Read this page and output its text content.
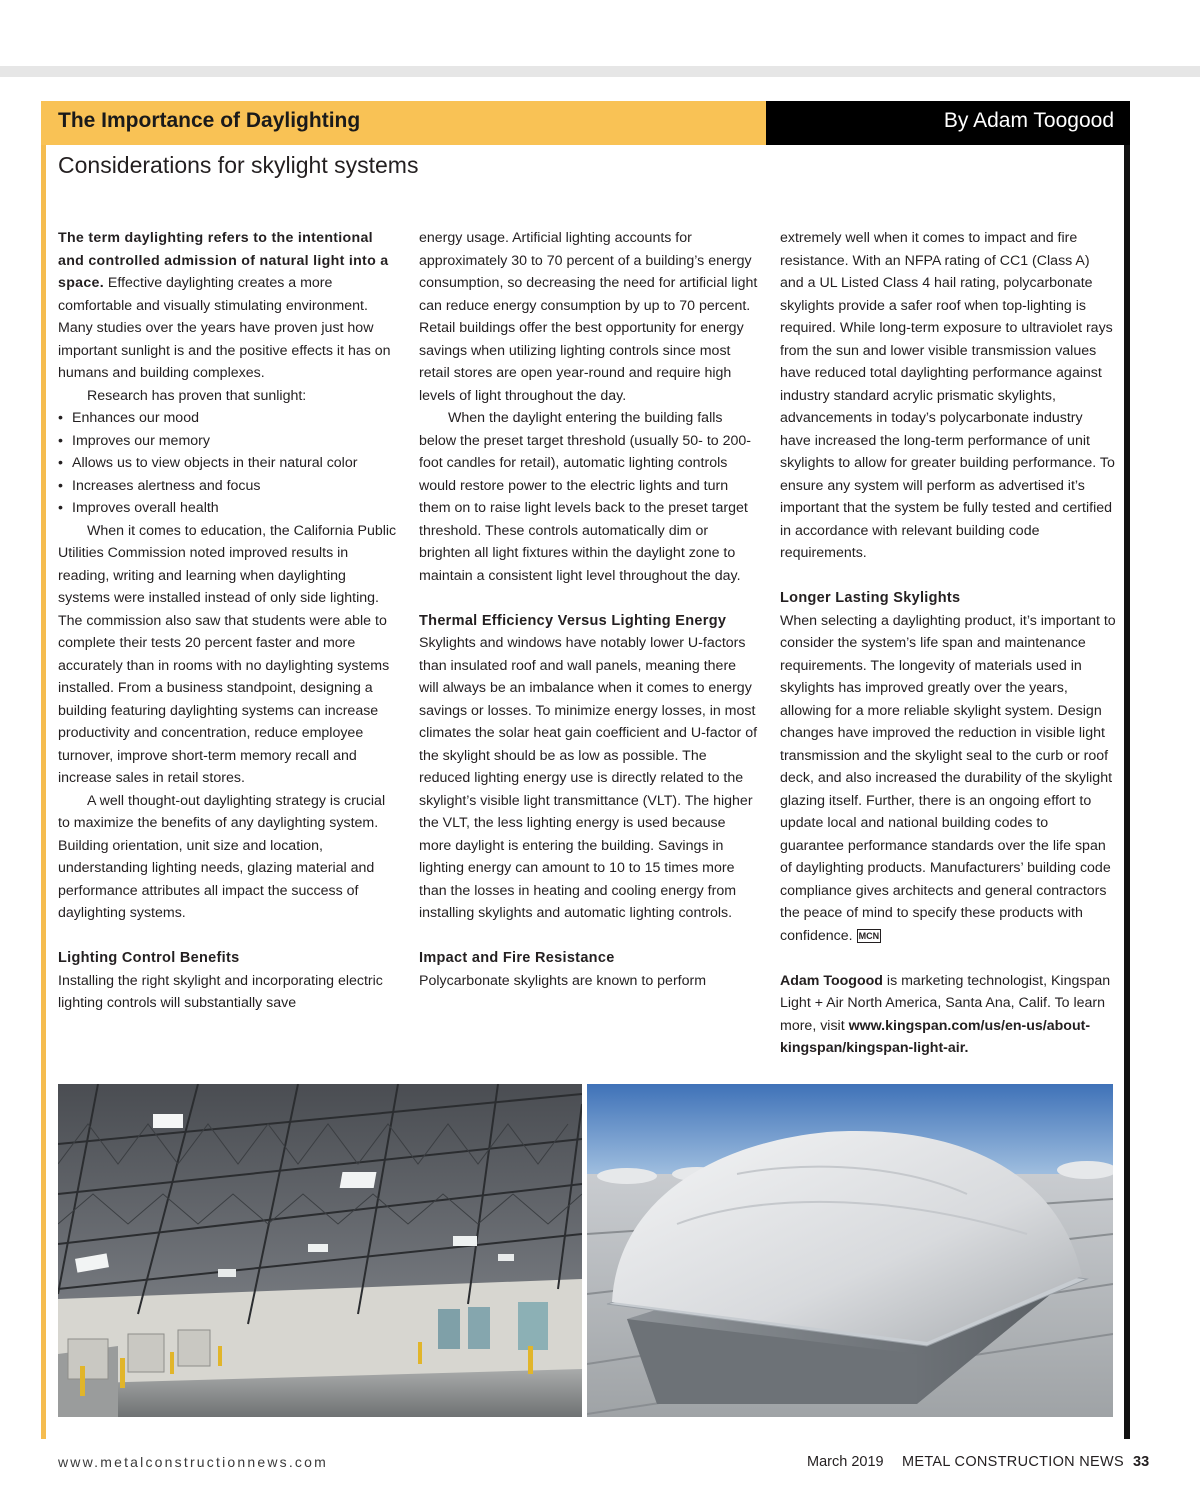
The Importance of Daylighting	By Adam Toogood
Considerations for skylight systems

The term daylighting refers to the intentional and controlled admission of natural light into a space. Effective daylighting creates a more comfortable and visually stimulating environment. Many studies over the years have proven just how important sunlight is and the positive effects it has on humans and building complexes.

Research has proven that sunlight:

• Enhances our mood
• Improves our memory
• Allows us to view objects in their natural color
• Increases alertness and focus
• Improves overall health

When it comes to education, the California Public Utilities Commission noted improved results in reading, writing and learning when daylighting systems were installed instead of only side lighting. The commission also saw that students were able to complete their tests 20 percent faster and more accurately than in rooms with no daylighting systems installed. From a business standpoint, designing a building featuring daylighting systems can increase productivity and concentration, reduce employee turnover, improve short-term memory recall and increase sales in retail stores.

A well thought-out daylighting strategy is crucial to maximize the benefits of any daylighting system. Building orientation, unit size and location, understanding lighting needs, glazing material and performance attributes all impact the success of daylighting systems.

Lighting Control Benefits

Installing the right skylight and incorporating electric lighting controls will substantially save

energy usage. Artificial lighting accounts for approximately 30 to 70 percent of a building’s energy consumption, so decreasing the need for artificial light can reduce energy consumption by up to 70 percent. Retail buildings offer the best opportunity for energy savings when utilizing lighting controls since most retail stores are open year-round and require high levels of light throughout the day.

When the daylight entering the building falls below the preset target threshold (usually 50- to 200-foot candles for retail), automatic lighting controls would restore power to the electric lights and turn them on to raise light levels back to the preset target threshold. These controls automatically dim or brighten all light fixtures within the daylight zone to maintain a consistent light level throughout the day.

Thermal Efficiency Versus Lighting Energy

Skylights and windows have notably lower U-factors than insulated roof and wall panels, meaning there will always be an imbalance when it comes to energy savings or losses. To minimize energy losses, in most climates the solar heat gain coefficient and U-factor of the skylight should be as low as possible. The reduced lighting energy use is directly related to the skylight’s visible light transmittance (VLT). The higher the VLT, the less lighting energy is used because more daylight is entering the building. Savings in lighting energy can amount to 10 to 15 times more than the losses in heating and cooling energy from installing skylights and automatic lighting controls.

Impact and Fire Resistance

Polycarbonate skylights are known to perform

extremely well when it comes to impact and fire resistance. With an NFPA rating of CC1 (Class A) and a UL Listed Class 4 hail rating, polycarbonate skylights provide a safer roof when top-lighting is required. While long-term exposure to ultraviolet rays from the sun and lower visible transmission values have reduced total daylighting performance against industry standard acrylic prismatic skylights, advancements in today’s polycarbonate industry have increased the long-term performance of unit skylights to allow for greater building performance. To ensure any system will perform as advertised it’s important that the system be fully tested and certified in accordance with relevant building code requirements.

Longer Lasting Skylights

When selecting a daylighting product, it’s important to consider the system’s life span and maintenance requirements. The longevity of materials used in skylights has improved greatly over the years, allowing for a more reliable skylight system. Design changes have improved the reduction in visible light transmission and the skylight seal to the curb or roof deck, and also increased the durability of the skylight glazing itself. Further, there is an ongoing effort to update local and national building codes to guarantee performance standards over the life span of daylighting products. Manufacturers’ building code compliance gives architects and general contractors the peace of mind to specify these products with confidence. MCN

Adam Toogood is marketing technologist, Kingspan Light + Air North America, Santa Ana, Calif. To learn more, visit www.kingspan.com/us/en-us/about-kingspan/kingspan-light-air.

www.metalconstructionnews.com	March 2019 METAL CONSTRUCTION NEWS 33
